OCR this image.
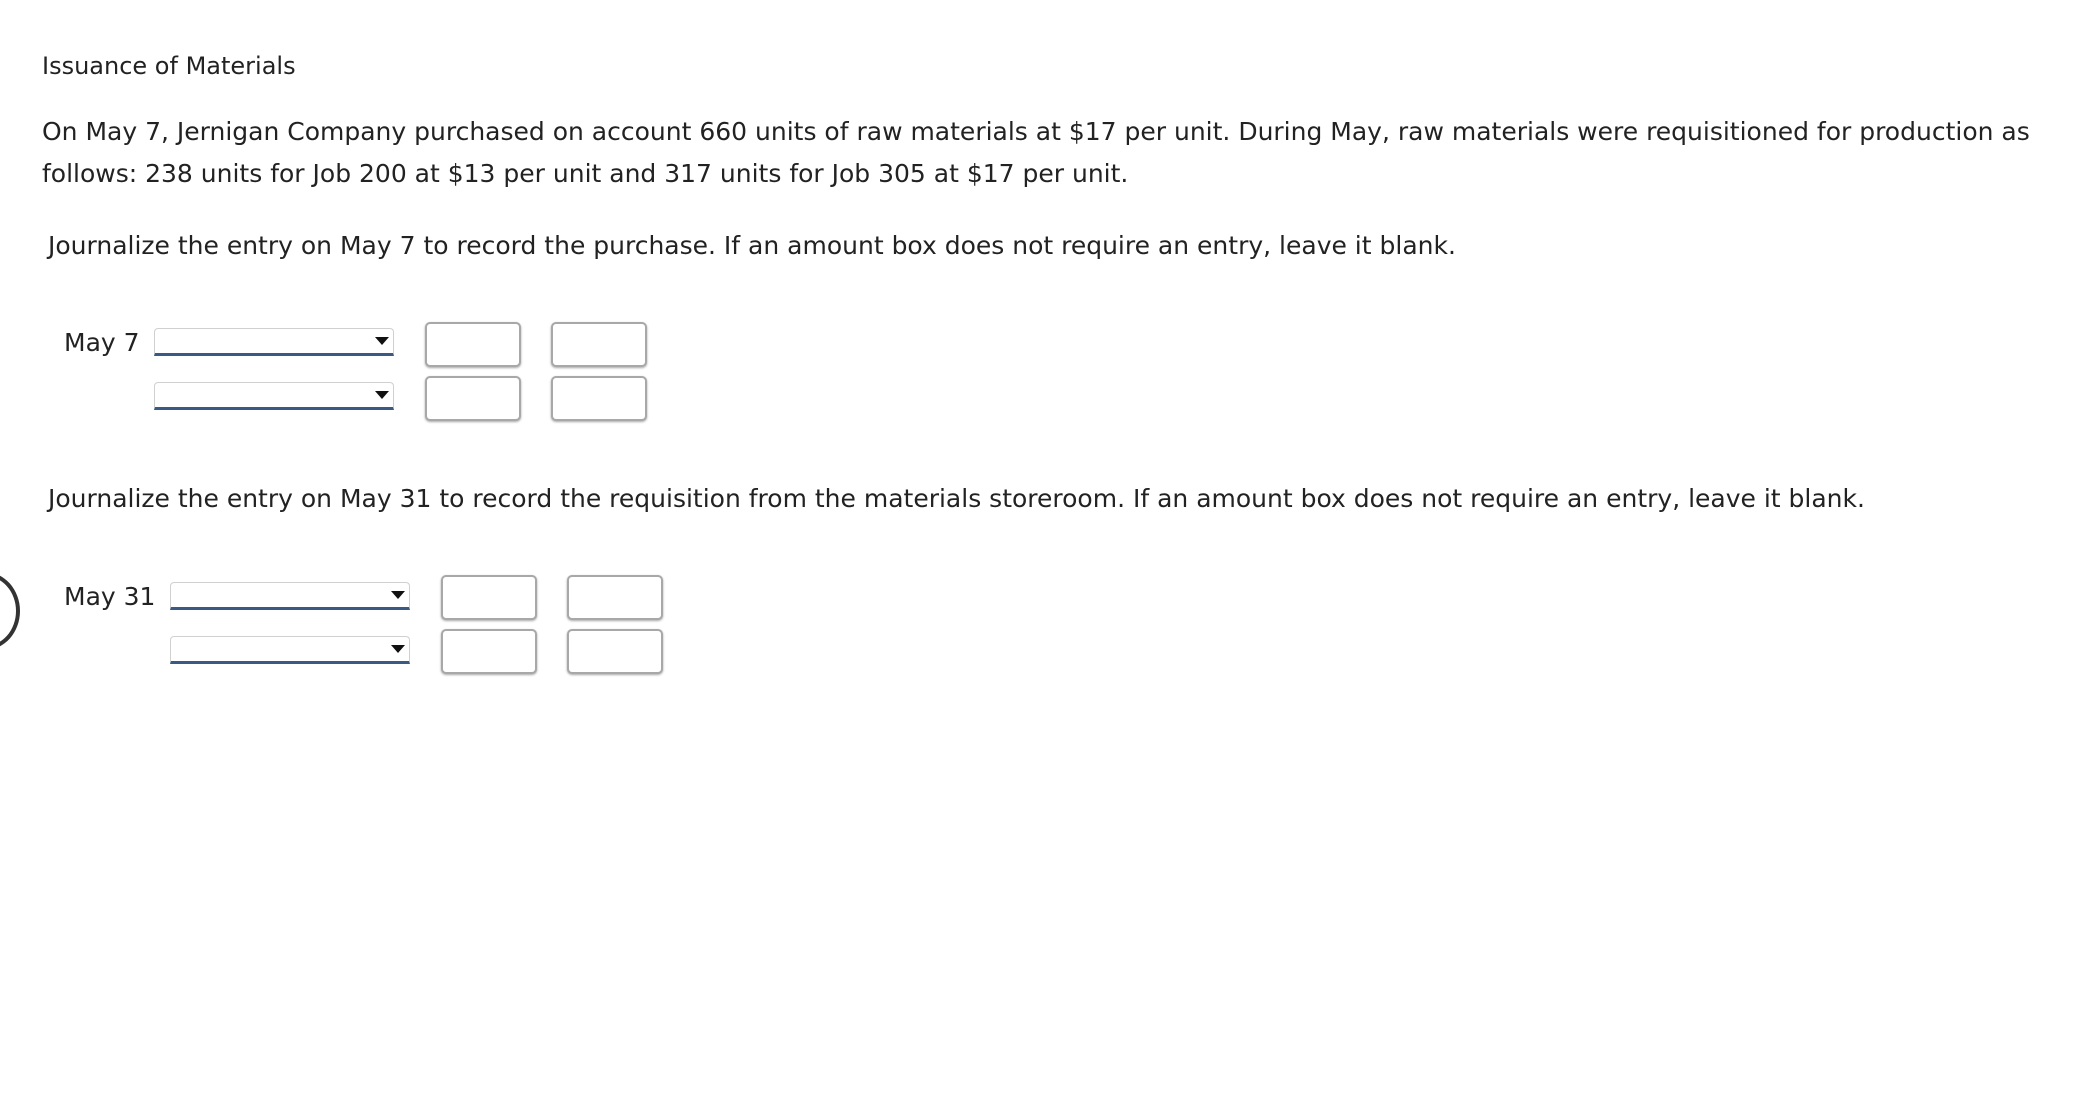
Issuance of Materials
On May 7, Jernigan Company purchased on account 660 units of raw materials at $17 per unit. During May, raw materials were requisitioned for production as follows: 238 units for Job 200 at $13 per unit and 317 units for Job 305 at $17 per unit.
Journalize the entry on May 7 to record the purchase. If an amount box does not require an entry, leave it blank.
May 7
Journalize the entry on May 31 to record the requisition from the materials storeroom. If an amount box does not require an entry, leave it blank.
May 31
